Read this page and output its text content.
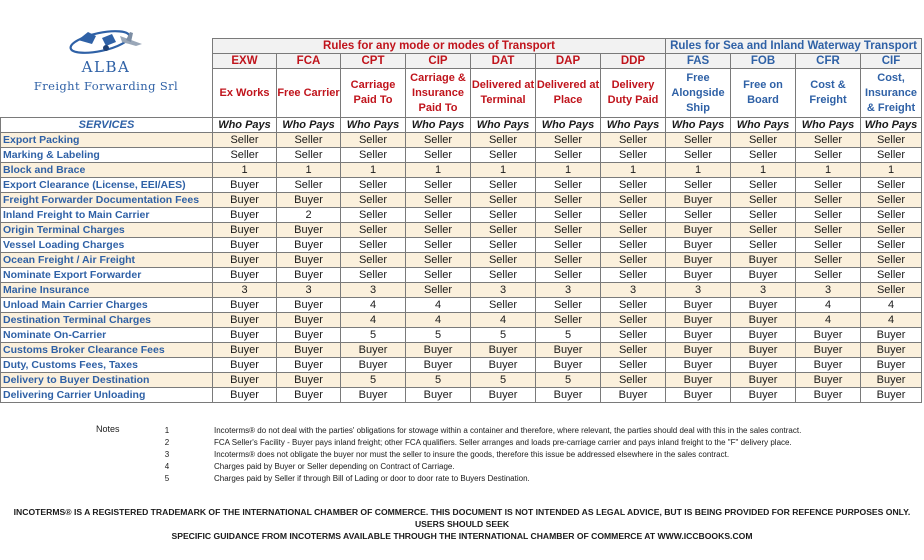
ALBA
Freight Forwarding Srl
	Rules for any mode or modes of Transport							Rules for Sea and Inland Waterway Transport			
	EXW	FCA	CPT	CIP	DAT	DAP	DDP	FAS	FOB	CFR	CIF
	Ex Works	Free Carrier	Carriage Paid To	Carriage & Insurance Paid To	Delivered at Terminal	Delivered at Place	Delivery Duty Paid	Free Alongside Ship	Free on Board	Cost & Freight	Cost, Insurance & Freight
SERVICES	Who Pays	Who Pays	Who Pays	Who Pays	Who Pays	Who Pays	Who Pays	Who Pays	Who Pays	Who Pays	Who Pays
Export Packing	Seller	Seller	Seller	Seller	Seller	Seller	Seller	Seller	Seller	Seller	Seller
Marking & Labeling	Seller	Seller	Seller	Seller	Seller	Seller	Seller	Seller	Seller	Seller	Seller
Block and Brace	1	1	1	1	1	1	1	1	1	1	1
Export Clearance (License, EEI/AES)	Buyer	Seller	Seller	Seller	Seller	Seller	Seller	Seller	Seller	Seller	Seller
Freight Forwarder Documentation Fees	Buyer	Buyer	Seller	Seller	Seller	Seller	Seller	Buyer	Seller	Seller	Seller
Inland Freight to Main Carrier	Buyer	2	Seller	Seller	Seller	Seller	Seller	Seller	Seller	Seller	Seller
Origin Terminal Charges	Buyer	Buyer	Seller	Seller	Seller	Seller	Seller	Buyer	Seller	Seller	Seller
Vessel Loading Charges	Buyer	Buyer	Seller	Seller	Seller	Seller	Seller	Buyer	Seller	Seller	Seller
Ocean Freight / Air Freight	Buyer	Buyer	Seller	Seller	Seller	Seller	Seller	Buyer	Buyer	Seller	Seller
Nominate Export Forwarder	Buyer	Buyer	Seller	Seller	Seller	Seller	Seller	Buyer	Buyer	Seller	Seller
Marine Insurance	3	3	3	Seller	3	3	3	3	3	3	Seller
Unload Main Carrier Charges	Buyer	Buyer	4	4	Seller	Seller	Seller	Buyer	Buyer	4	4
Destination Terminal Charges	Buyer	Buyer	4	4	4	Seller	Seller	Buyer	Buyer	4	4
Nominate On-Carrier	Buyer	Buyer	5	5	5	5	Seller	Buyer	Buyer	Buyer	Buyer
Customs Broker Clearance Fees	Buyer	Buyer	Buyer	Buyer	Buyer	Buyer	Seller	Buyer	Buyer	Buyer	Buyer
Duty, Customs Fees, Taxes	Buyer	Buyer	Buyer	Buyer	Buyer	Buyer	Seller	Buyer	Buyer	Buyer	Buyer
Delivery to Buyer Destination	Buyer	Buyer	5	5	5	5	Seller	Buyer	Buyer	Buyer	Buyer
Delivering Carrier Unloading	Buyer	Buyer	Buyer	Buyer	Buyer	Buyer	Buyer	Buyer	Buyer	Buyer	Buyer
Notes	1	Incoterms® do not deal with the parties' obligations for stowage within a container and therefore, where relevant, the parties should deal with this in the sales contract.
2	FCA Seller's Facility - Buyer pays inland freight; other FCA qualifiers. Seller arranges and loads pre-carriage carrier and pays inland freight to the "F" delivery place.
3	Incoterms® does not obligate the buyer nor must the seller to insure the goods, therefore this issue be addressed elsewhere in the sales contract.
4	Charges paid by Buyer or Seller depending on Contract of Carriage.
5	Charges paid by Seller if through Bill of Lading or door to door rate to Buyers Destination.
INCOTERMS® IS A REGISTERED TRADEMARK OF THE INTERNATIONAL CHAMBER OF COMMERCE. THIS DOCUMENT IS NOT INTENDED AS LEGAL ADVICE, BUT IS BEING PROVIDED FOR REFENCE PURPOSES ONLY. USERS SHOULD SEEK
SPECIFIC GUIDANCE FROM INCOTERMS AVAILABLE THROUGH THE INTERNATIONAL CHAMBER OF COMMERCE AT WWW.ICCBOOKS.COM
